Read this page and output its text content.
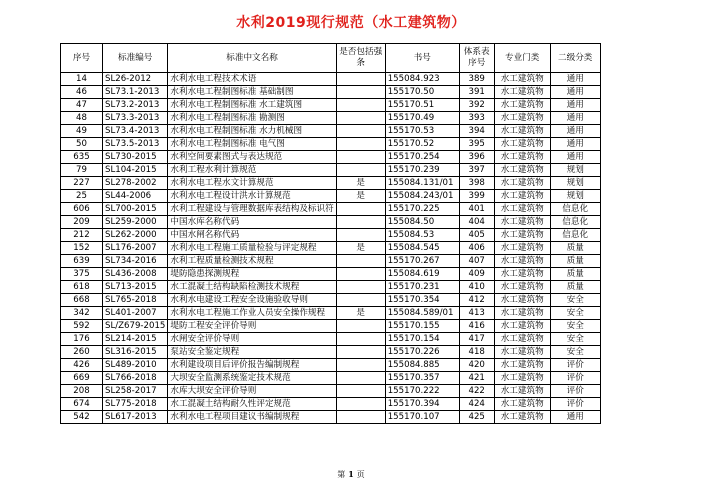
水利2019现行规范（水工建筑物）
序号	标准编号	标准中文名称	是否包括强条	书号	体系表序号	专业门类	二级分类
14	SL26-2012	水利水电工程技术术语		155084.923	389	水工建筑物	通用
46	SL73.1-2013	水利水电工程制图标准 基础制图		155170.50	391	水工建筑物	通用
47	SL73.2-2013	水利水电工程制图标准 水工建筑图		155170.51	392	水工建筑物	通用
48	SL73.3-2013	水利水电工程制图标准 勘测图		155170.49	393	水工建筑物	通用
49	SL73.4-2013	水利水电工程制图标准 水力机械图		155170.53	394	水工建筑物	通用
50	SL73.5-2013	水利水电工程制图标准 电气图		155170.52	395	水工建筑物	通用
635	SL730-2015	水利空间要素图式与表达规范		155170.254	396	水工建筑物	通用
79	SL104-2015	水利工程水利计算规范		155170.239	397	水工建筑物	规划
227	SL278-2002	水利水电工程水文计算规范	是	155084.131/01	398	水工建筑物	规划
25	SL44-2006	水利水电工程设计洪水计算规范	是	155084.243/01	399	水工建筑物	规划
606	SL700-2015	水利工程建设与管理数据库表结构及标识符		155170.225	401	水工建筑物	信息化
209	SL259-2000	中国水库名称代码		155084.50	404	水工建筑物	信息化
212	SL262-2000	中国水闸名称代码		155084.53	405	水工建筑物	信息化
152	SL176-2007	水利水电工程施工质量检验与评定规程	是	155084.545	406	水工建筑物	质量
639	SL734-2016	水利工程质量检测技术规程		155170.267	407	水工建筑物	质量
375	SL436-2008	堤防隐患探测规程		155084.619	409	水工建筑物	质量
618	SL713-2015	水工混凝土结构缺陷检测技术规程		155170.231	410	水工建筑物	质量
668	SL765-2018	水利水电建设工程安全设施验收导则		155170.354	412	水工建筑物	安全
342	SL401-2007	水利水电工程施工作业人员安全操作规程	是	155084.589/01	413	水工建筑物	安全
592	SL/Z679-2015	堤防工程安全评价导则		155170.155	416	水工建筑物	安全
176	SL214-2015	水闸安全评价导则		155170.154	417	水工建筑物	安全
260	SL316-2015	泵站安全鉴定规程		155170.226	418	水工建筑物	安全
426	SL489-2010	水利建设项目后评价报告编制规程		155084.885	420	水工建筑物	评价
669	SL766-2018	大坝安全监测系统鉴定技术规范		155170.357	421	水工建筑物	评价
208	SL258-2017	水库大坝安全评价导则		155170.222	422	水工建筑物	评价
674	SL775-2018	水工混凝土结构耐久性评定规范		155170.394	424	水工建筑物	评价
542	SL617-2013	水利水电工程项目建议书编制规程		155170.107	425	水工建筑物	通用
第 1 页
